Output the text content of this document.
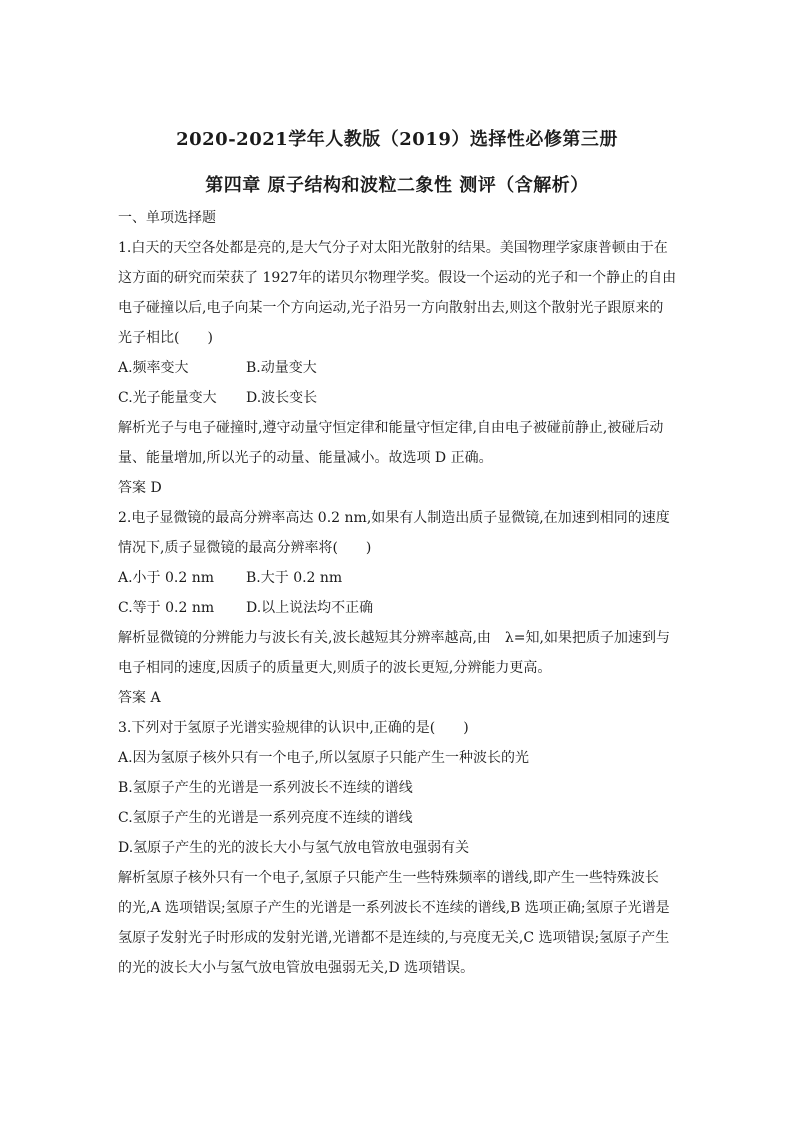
2020-2021学年人教版（2019）选择性必修第三册
第四章 原子结构和波粒二象性 测评（含解析）
一、单项选择题
1.白天的天空各处都是亮的,是大气分子对太阳光散射的结果。美国物理学家康普顿由于在
这方面的研究而荣获了 1927年的诺贝尔物理学奖。假设一个运动的光子和一个静止的自由
电子碰撞以后,电子向某一个方向运动,光子沿另一方向散射出去,则这个散射光子跟原来的
光子相比(　　)
A.频率变大	B.动量变大
C.光子能量变大 D.波长变长
解析光子与电子碰撞时,遵守动量守恒定律和能量守恒定律,自由电子被碰前静止,被碰后动
量、能量增加,所以光子的动量、能量减小。故选项 D 正确。
答案 D
2.电子显微镜的最高分辨率高达 0.2 nm,如果有人制造出质子显微镜,在加速到相同的速度
情况下,质子显微镜的最高分辨率将(　　)
A.小于 0.2 nm B.大于 0.2 nm
C.等于 0.2 nm D.以上说法均不正确
解析显微镜的分辨能力与波长有关,波长越短其分辨率越高,由　λ=知,如果把质子加速到与
电子相同的速度,因质子的质量更大,则质子的波长更短,分辨能力更高。
答案 A
3.下列对于氢原子光谱实验规律的认识中,正确的是(　　)
A.因为氢原子核外只有一个电子,所以氢原子只能产生一种波长的光
B.氢原子产生的光谱是一系列波长不连续的谱线
C.氢原子产生的光谱是一系列亮度不连续的谱线
D.氢原子产生的光的波长大小与氢气放电管放电强弱有关
解析氢原子核外只有一个电子,氢原子只能产生一些特殊频率的谱线,即产生一些特殊波长
的光,A 选项错误;氢原子产生的光谱是一系列波长不连续的谱线,B 选项正确;氢原子光谱是
氢原子发射光子时形成的发射光谱,光谱都不是连续的,与亮度无关,C 选项错误;氢原子产生
的光的波长大小与氢气放电管放电强弱无关,D 选项错误。
